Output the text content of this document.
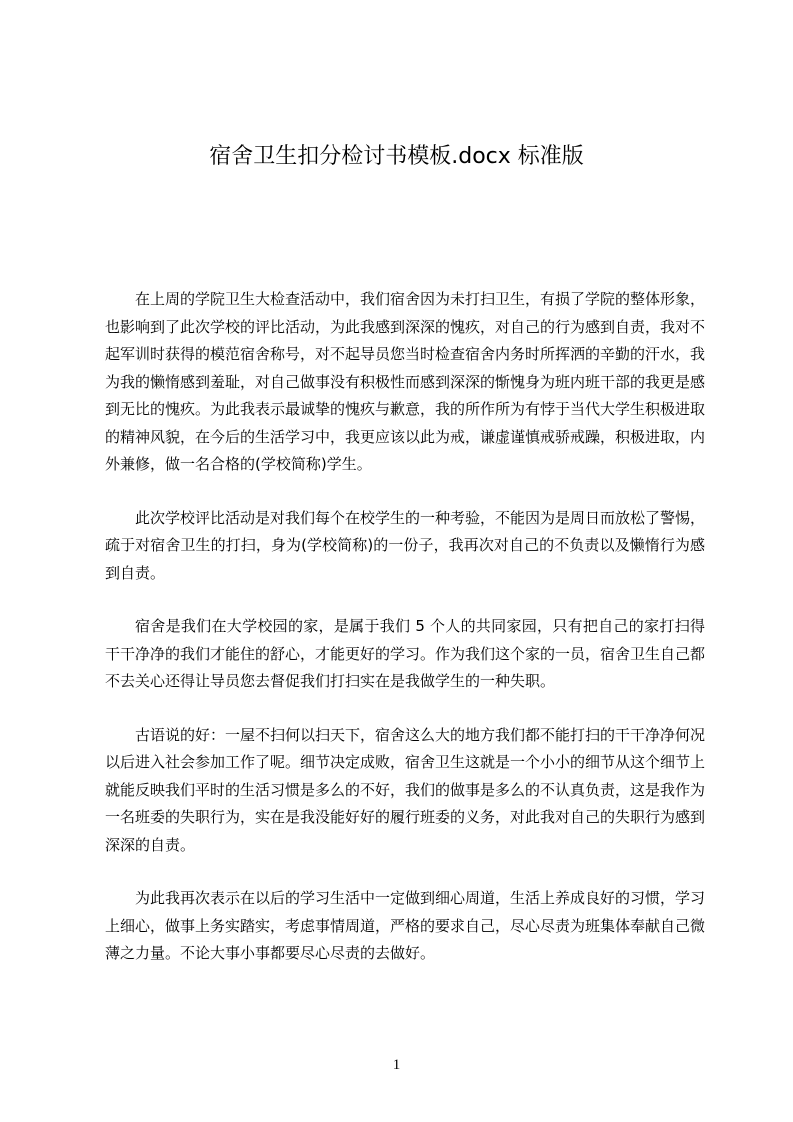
宿舍卫生扣分检讨书模板.docx 标准版

在上周的学院卫生大检查活动中，我们宿舍因为未打扫卫生，有损了学院的整体形象，也影响到了此次学校的评比活动，为此我感到深深的愧疚，对自己的行为感到自责，我对不起军训时获得的模范宿舍称号，对不起导员您当时检查宿舍内务时所挥洒的辛勤的汗水，我为我的懒惰感到羞耻，对自己做事没有积极性而感到深深的惭愧身为班内班干部的我更是感到无比的愧疚。为此我表示最诚挚的愧疚与歉意，我的所作所为有悖于当代大学生积极进取的精神风貌，在今后的生活学习中，我更应该以此为戒，谦虚谨慎戒骄戒躁，积极进取，内外兼修，做一名合格的(学校简称)学生。

此次学校评比活动是对我们每个在校学生的一种考验，不能因为是周日而放松了警惕，疏于对宿舍卫生的打扫，身为(学校简称)的一份子，我再次对自己的不负责以及懒惰行为感到自责。

宿舍是我们在大学校园的家，是属于我们 5 个人的共同家园，只有把自己的家打扫得干干净净的我们才能住的舒心，才能更好的学习。作为我们这个家的一员，宿舍卫生自己都不去关心还得让导员您去督促我们打扫实在是我做学生的一种失职。

古语说的好：一屋不扫何以扫天下，宿舍这么大的地方我们都不能打扫的干干净净何况以后进入社会参加工作了呢。细节决定成败，宿舍卫生这就是一个小小的细节从这个细节上就能反映我们平时的生活习惯是多么的不好，我们的做事是多么的不认真负责，这是我作为一名班委的失职行为，实在是我没能好好的履行班委的义务，对此我对自己的失职行为感到深深的自责。

为此我再次表示在以后的学习生活中一定做到细心周道，生活上养成良好的习惯，学习上细心，做事上务实踏实，考虑事情周道，严格的要求自己，尽心尽责为班集体奉献自己微薄之力量。不论大事小事都要尽心尽责的去做好。

1
